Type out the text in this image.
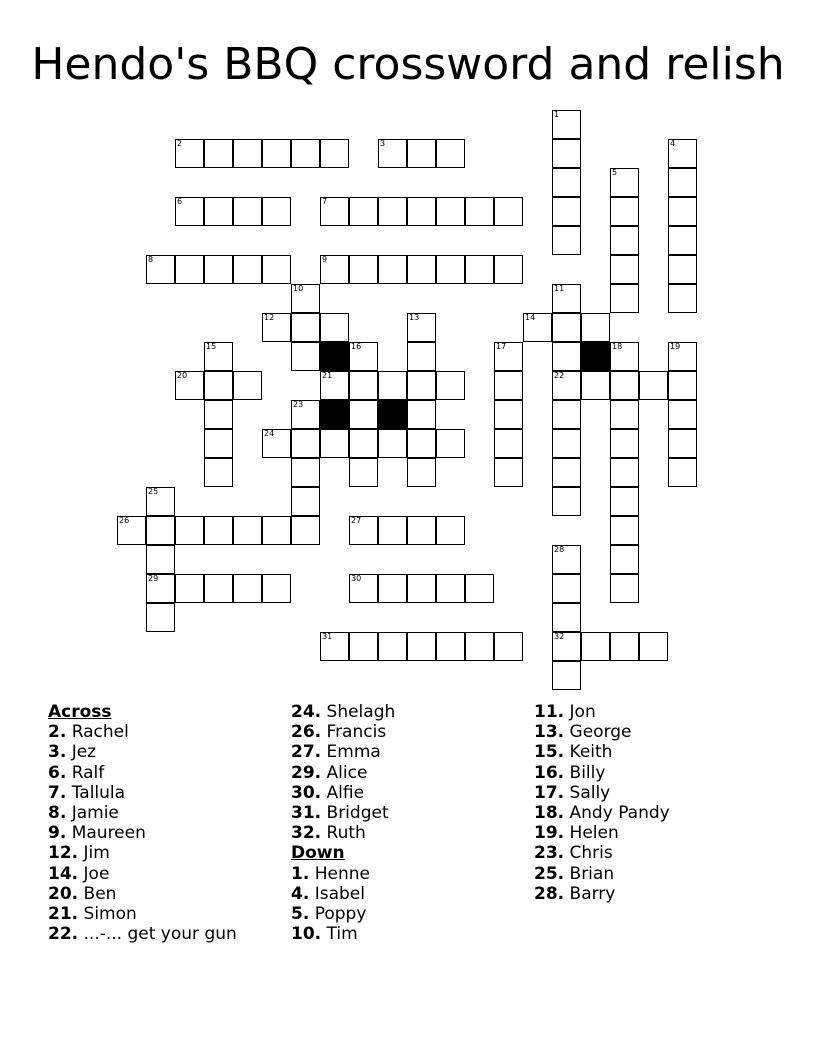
Hendo's BBQ crossword and relish
1
2	3	4
5
6	7
8	9
10	11
12	13	14
15	16	17	18	19
20	21	22
23
24
25
26	27
28
29	30
31	32
Across
2. Rachel
3. Jez
6. Ralf
7. Tallula
8. Jamie
9. Maureen
12. Jim
14. Joe
20. Ben
21. Simon
22. ...-... get your gun
24. Shelagh
26. Francis
27. Emma
29. Alice
30. Alfie
31. Bridget
32. Ruth
Down
1. Henne
4. Isabel
5. Poppy
10. Tim
11. Jon
13. George
15. Keith
16. Billy
17. Sally
18. Andy Pandy
19. Helen
23. Chris
25. Brian
28. Barry
